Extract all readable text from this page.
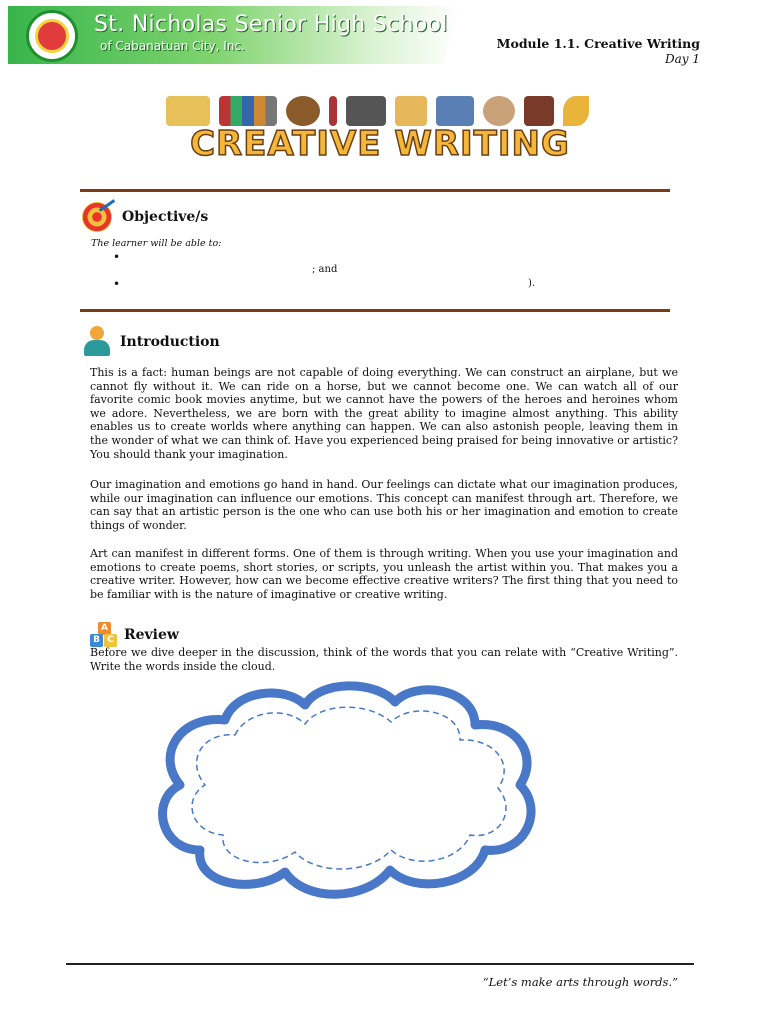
St. Nicholas Senior High School
of Cabanatuan City, Inc.	Module 1.1. Creative Writing
Day 1
CREATIVE WRITING
Objective/s
The learner will be able to:
•
; and
•	).
Introduction

This is a fact: human beings are not capable of doing everything. We can construct an airplane, but we cannot fly without it. We can ride on a horse, but we cannot become one. We can watch all of our favorite comic book movies anytime, but we cannot have the powers of the heroes and heroines whom we adore. Nevertheless, we are born with the great ability to imagine almost anything. This ability enables us to create worlds where anything can happen. We can also astonish people, leaving them in the wonder of what we can think of. Have you experienced being praised for being innovative or artistic? You should thank your imagination.

Our imagination and emotions go hand in hand. Our feelings can dictate what our imagination produces, while our imagination can influence our emotions. This concept can manifest through art. Therefore, we can say that an artistic person is the one who can use both his or her imagination and emotion to create things of wonder.

Art can manifest in different forms. One of them is through writing. When you use your imagination and emotions to create poems, short stories, or scripts, you unleash the artist within you. That makes you a creative writer. However, how can we become effective creative writers? The first thing that you need to be familiar with is the nature of imaginative or creative writing.

A
B C Review

Before we dive deeper in the discussion, think of the words that you can relate with “Creative Writing”. Write the words inside the cloud.

“Let’s make arts through words.”
